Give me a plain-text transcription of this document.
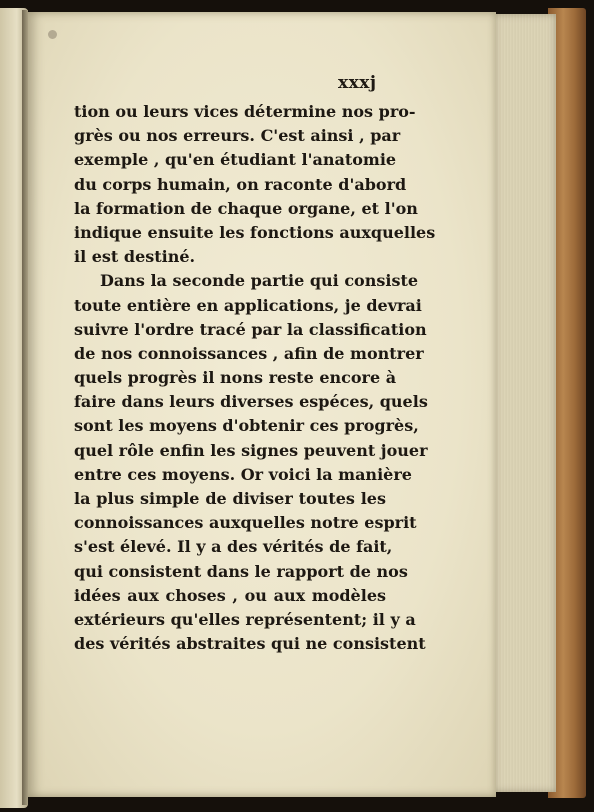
xxxj
tion ou leurs vices détermine nos pro-
grès ou nos erreurs. C'est ainsi , par
exemple , qu'en étudiant l'anatomie
du corps humain, on raconte d'abord
la formation de chaque organe, et l'on
indique ensuite les fonctions auxquelles
il est destiné.
Dans la seconde partie qui consiste
toute entière en applications, je devrai
suivre l'ordre tracé par la classification
de nos connoissances , afin de montrer
quels progrès il nons reste encore à
faire dans leurs diverses espéces, quels
sont les moyens d'obtenir ces progrès,
quel rôle enfin les signes peuvent jouer
entre ces moyens. Or voici la manière
la plus simple de diviser toutes les
connoissances auxquelles notre esprit
s'est élevé. Il y a des vérités de fait,
qui consistent dans le rapport de nos
idées aux choses , ou aux modèles
extérieurs qu'elles représentent; il y a
des vérités abstraites qui ne consistent
